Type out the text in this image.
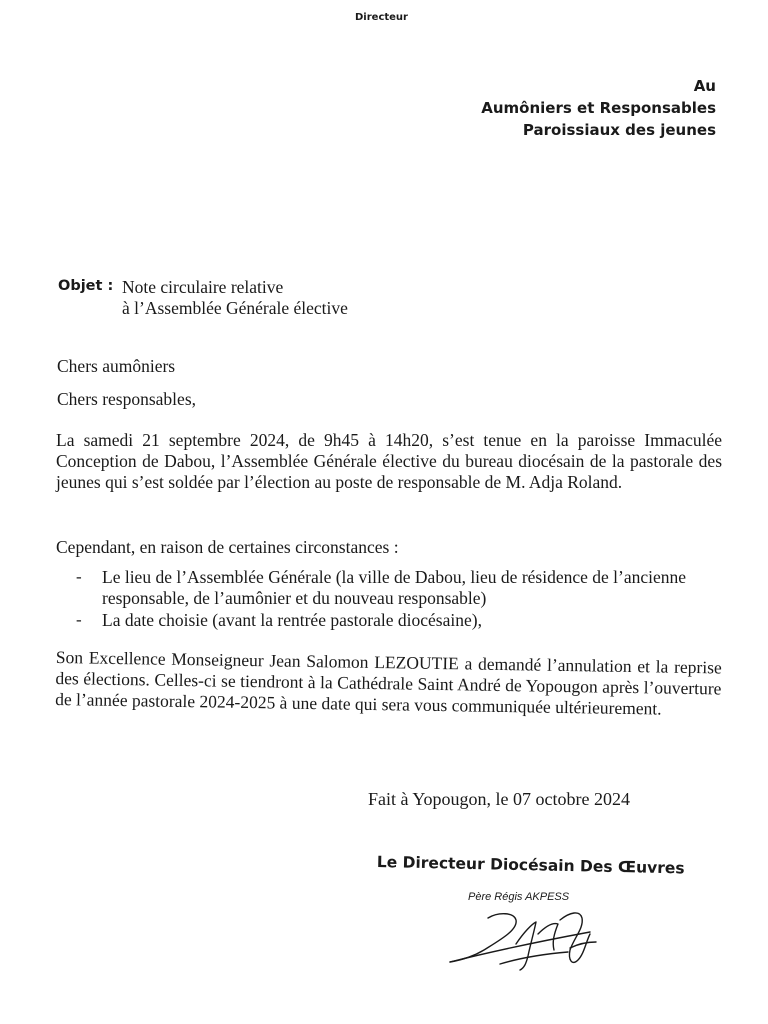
Directeur
Au
Aumôniers et Responsables
Paroissiaux des jeunes
Objet : Note circulaire relative
à l’Assemblée Générale élective
Chers aumôniers
Chers responsables,
La samedi 21 septembre 2024, de 9h45 à 14h20, s’est tenue en la paroisse Immaculée Conception de Dabou, l’Assemblée Générale élective du bureau diocésain de la pastorale des jeunes qui s’est soldée par l’élection au poste de responsable de M. Adja Roland.
Cependant, en raison de certaines circonstances :
- Le lieu de l’Assemblée Générale (la ville de Dabou, lieu de résidence de l’ancienne responsable, de l’aumônier et du nouveau responsable)
- La date choisie (avant la rentrée pastorale diocésaine),
Son Excellence Monseigneur Jean Salomon LEZOUTIE a demandé l’annulation et la reprise des élections. Celles-ci se tiendront à la Cathédrale Saint André de Yopougon après l’ouverture de l’année pastorale 2024-2025 à une date qui sera vous communiquée ultérieurement.
Fait à Yopougon, le 07 octobre 2024
Le Directeur Diocésain Des Œuvres
Père Régis AKPESS
